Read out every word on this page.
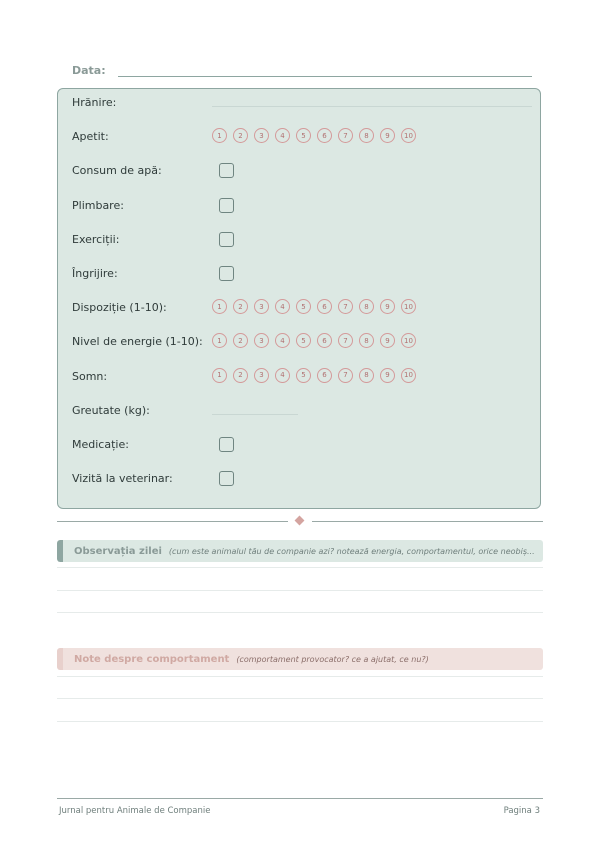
Data:
Hrănire:
Apetit:	1	2	3	4	5	6	7	8	9	10
Consum de apă:
Plimbare:
Exerciții:
Îngrijire:
Dispoziție (1-10):	1	2	3	4	5	6	7	8	9	10
Nivel de energie (1-10):	1	2	3	4	5	6	7	8	9	10
Somn:	1	2	3	4	5	6	7	8	9	10
Greutate (kg):
Medicație:
Vizită la veterinar:
Observația zilei (cum este animalul tău de companie azi? notează energia, comportamentul, orice neobiș...
Note despre comportament (comportament provocator? ce a ajutat, ce nu?)
Jurnal pentru Animale de Companie	Pagina 3
